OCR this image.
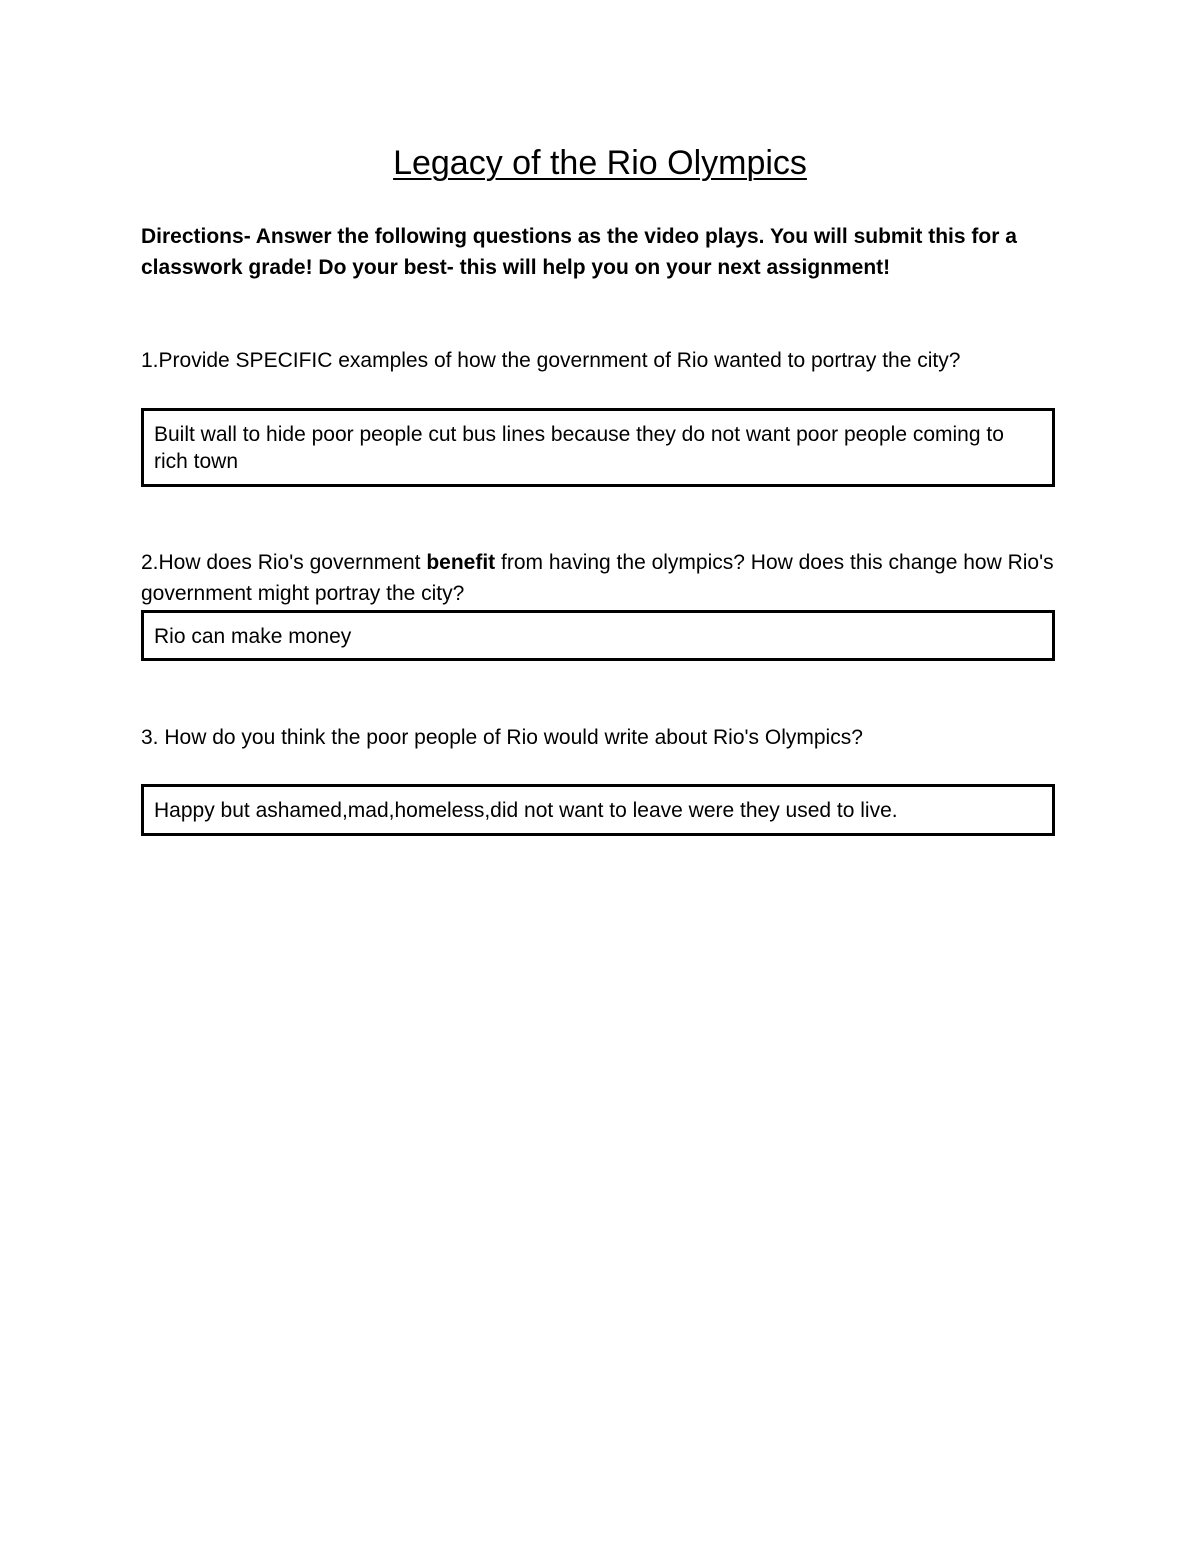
Legacy of the Rio Olympics

Directions- Answer the following questions as the video plays. You will submit this for a classwork grade! Do your best- this will help you on your next assignment!

1.Provide SPECIFIC examples of how the government of Rio wanted to portray the city?

Built wall to hide poor people cut bus lines because they do not want poor people coming to rich town

2.How does Rio's government benefit from having the olympics? How does this change how Rio's government might portray the city?

Rio can make money

3. How do you think the poor people of Rio would write about Rio's Olympics?

Happy but ashamed,mad,homeless,did not want to leave were they used to live.
